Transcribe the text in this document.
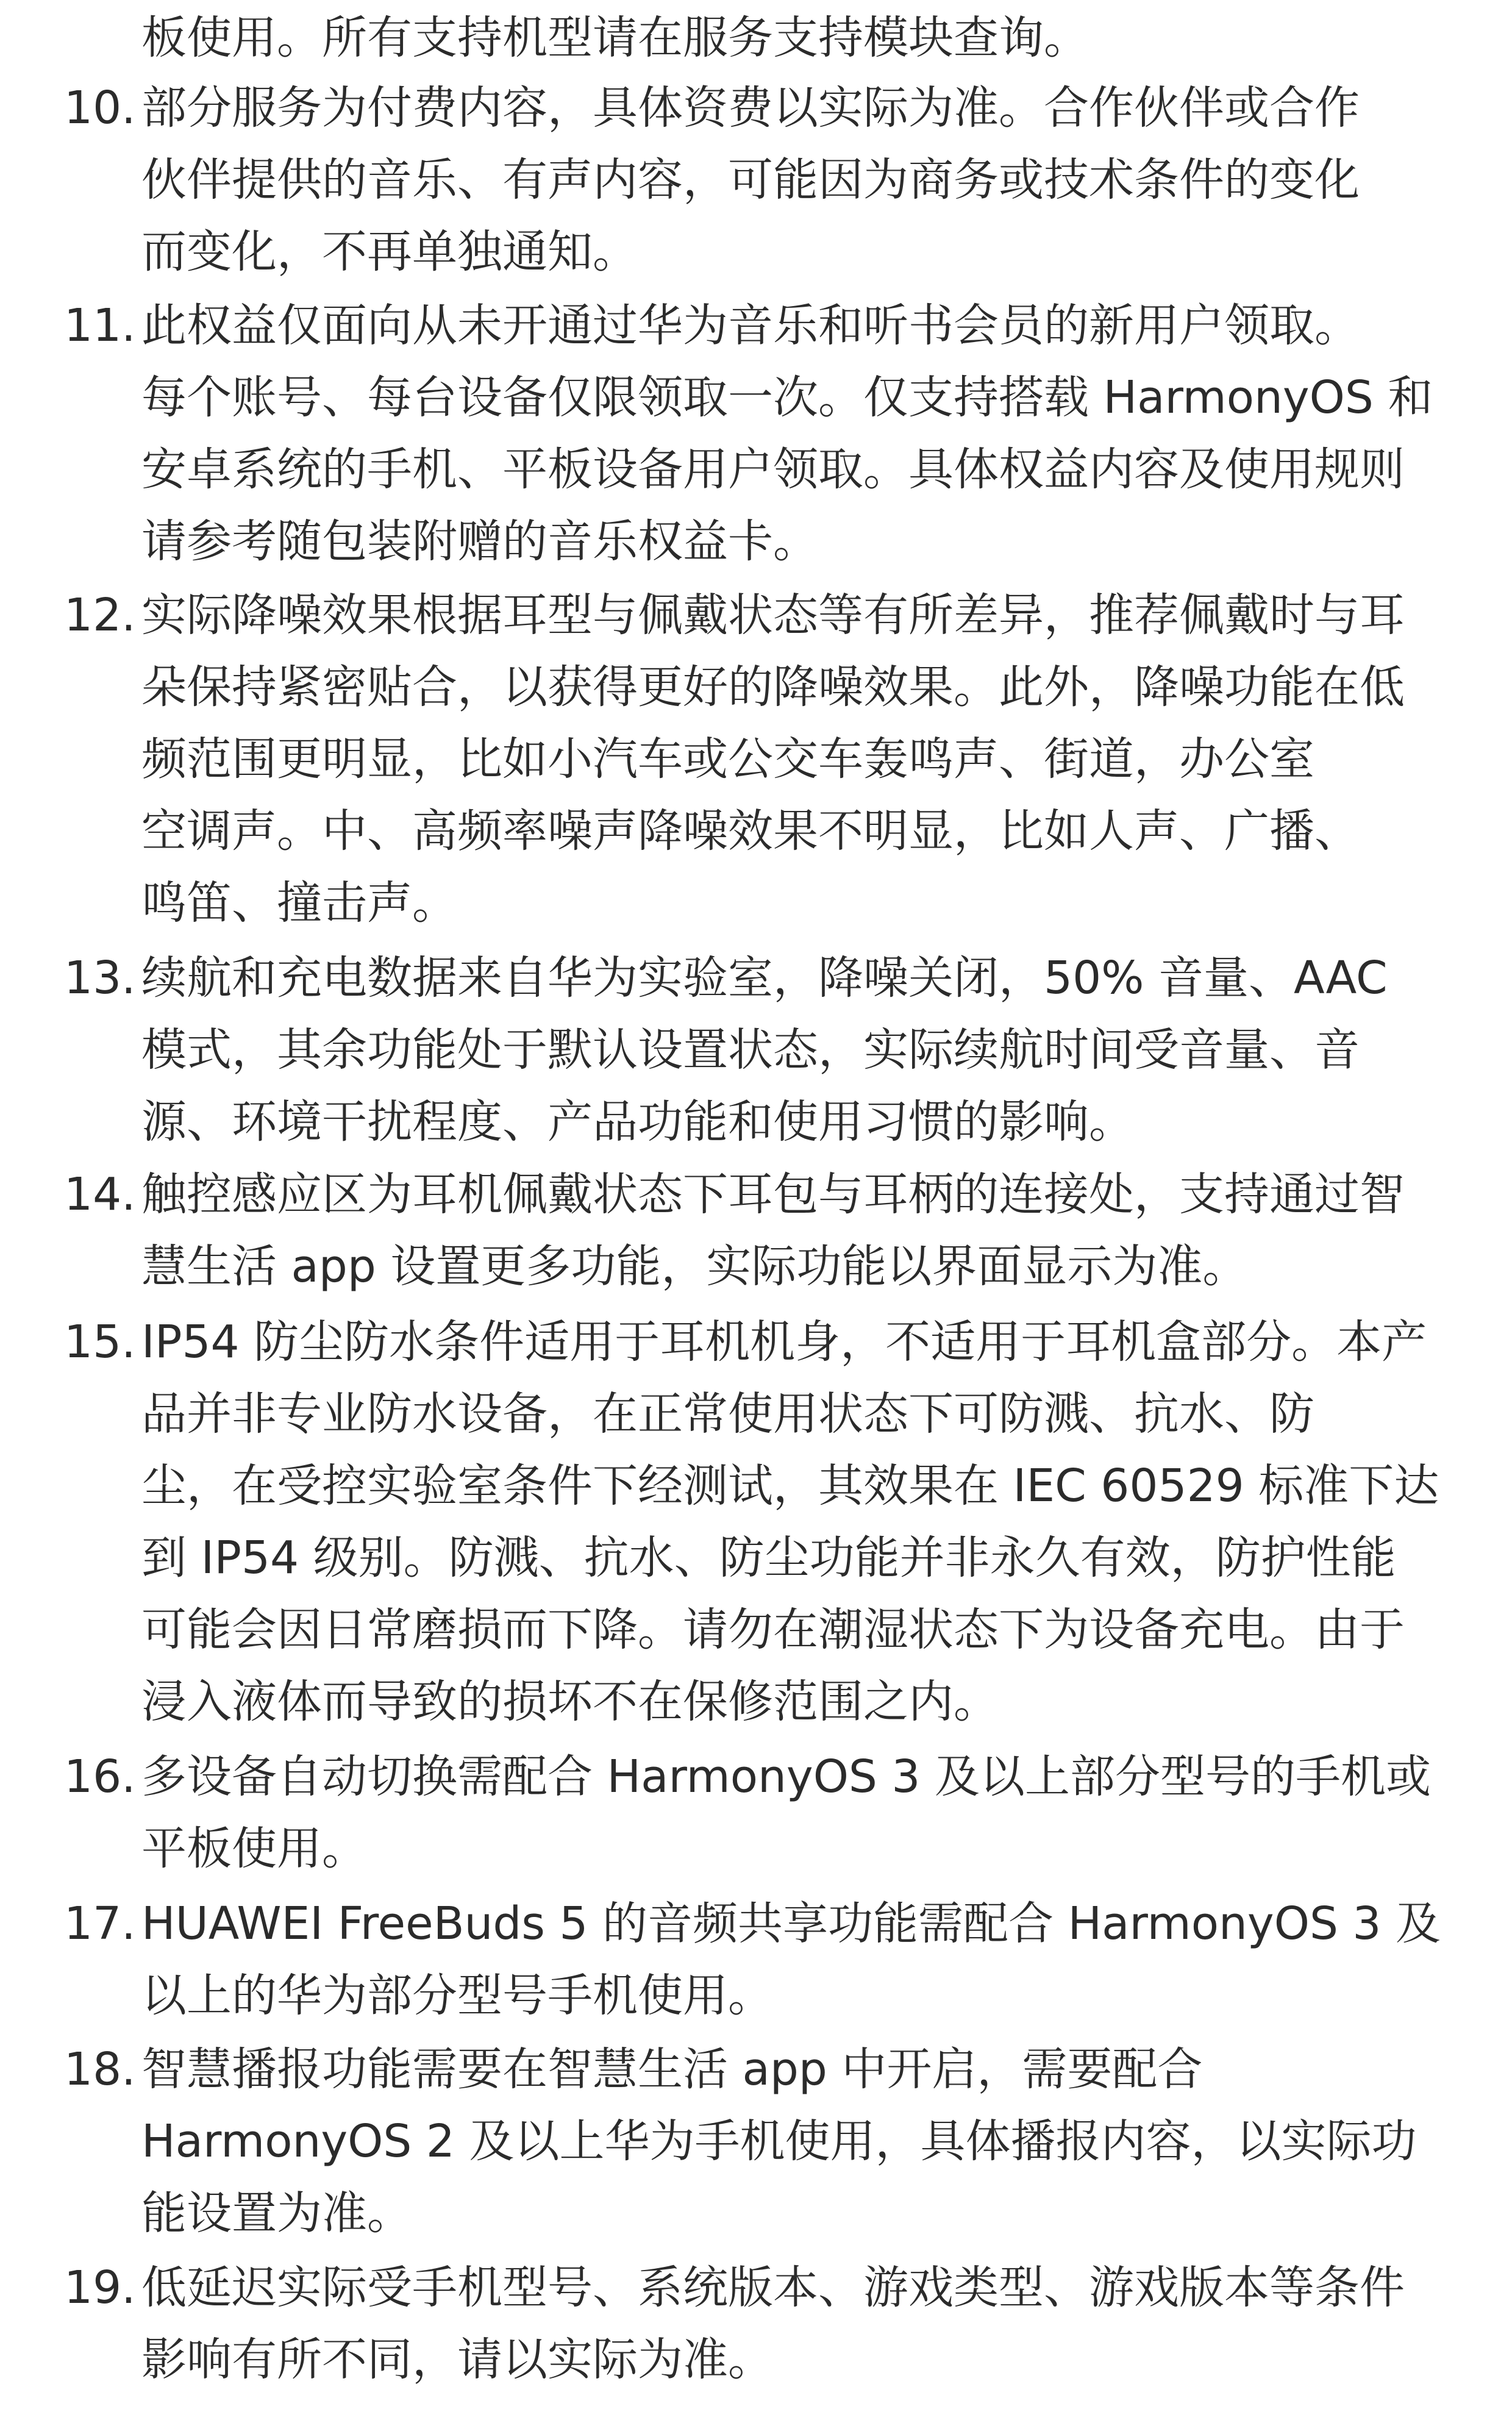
板使用。所有支持机型请在服务支持模块查询。
10. 部分服务为付费内容，具体资费以实际为准。合作伙伴或合作
伙伴提供的音乐、有声内容，可能因为商务或技术条件的变化
而变化，不再单独通知。
11. 此权益仅面向从未开通过华为音乐和听书会员的新用户领取。
每个账号、每台设备仅限领取一次。仅支持搭载 HarmonyOS 和
安卓系统的手机、平板设备用户领取。具体权益内容及使用规则
请参考随包装附赠的音乐权益卡。
12. 实际降噪效果根据耳型与佩戴状态等有所差异，推荐佩戴时与耳
朵保持紧密贴合，以获得更好的降噪效果。此外，降噪功能在低
频范围更明显，比如小汽车或公交车轰鸣声、街道，办公室
空调声。中、高频率噪声降噪效果不明显，比如人声、广播、
鸣笛、撞击声。
13. 续航和充电数据来自华为实验室，降噪关闭，50% 音量、AAC
模式，其余功能处于默认设置状态，实际续航时间受音量、音
源、环境干扰程度、产品功能和使用习惯的影响。
14. 触控感应区为耳机佩戴状态下耳包与耳柄的连接处，支持通过智
慧生活 app 设置更多功能，实际功能以界面显示为准。
15. IP54 防尘防水条件适用于耳机机身，不适用于耳机盒部分。本产
品并非专业防水设备，在正常使用状态下可防溅、抗水、防
尘，在受控实验室条件下经测试，其效果在 IEC 60529 标准下达
到 IP54 级别。防溅、抗水、防尘功能并非永久有效，防护性能
可能会因日常磨损而下降。请勿在潮湿状态下为设备充电。由于
浸入液体而导致的损坏不在保修范围之内。
16. 多设备自动切换需配合 HarmonyOS 3 及以上部分型号的手机或
平板使用。
17. HUAWEI FreeBuds 5 的音频共享功能需配合 HarmonyOS 3 及
以上的华为部分型号手机使用。
18. 智慧播报功能需要在智慧生活 app 中开启，需要配合
HarmonyOS 2 及以上华为手机使用，具体播报内容，以实际功
能设置为准。
19. 低延迟实际受手机型号、系统版本、游戏类型、游戏版本等条件
影响有所不同，请以实际为准。
